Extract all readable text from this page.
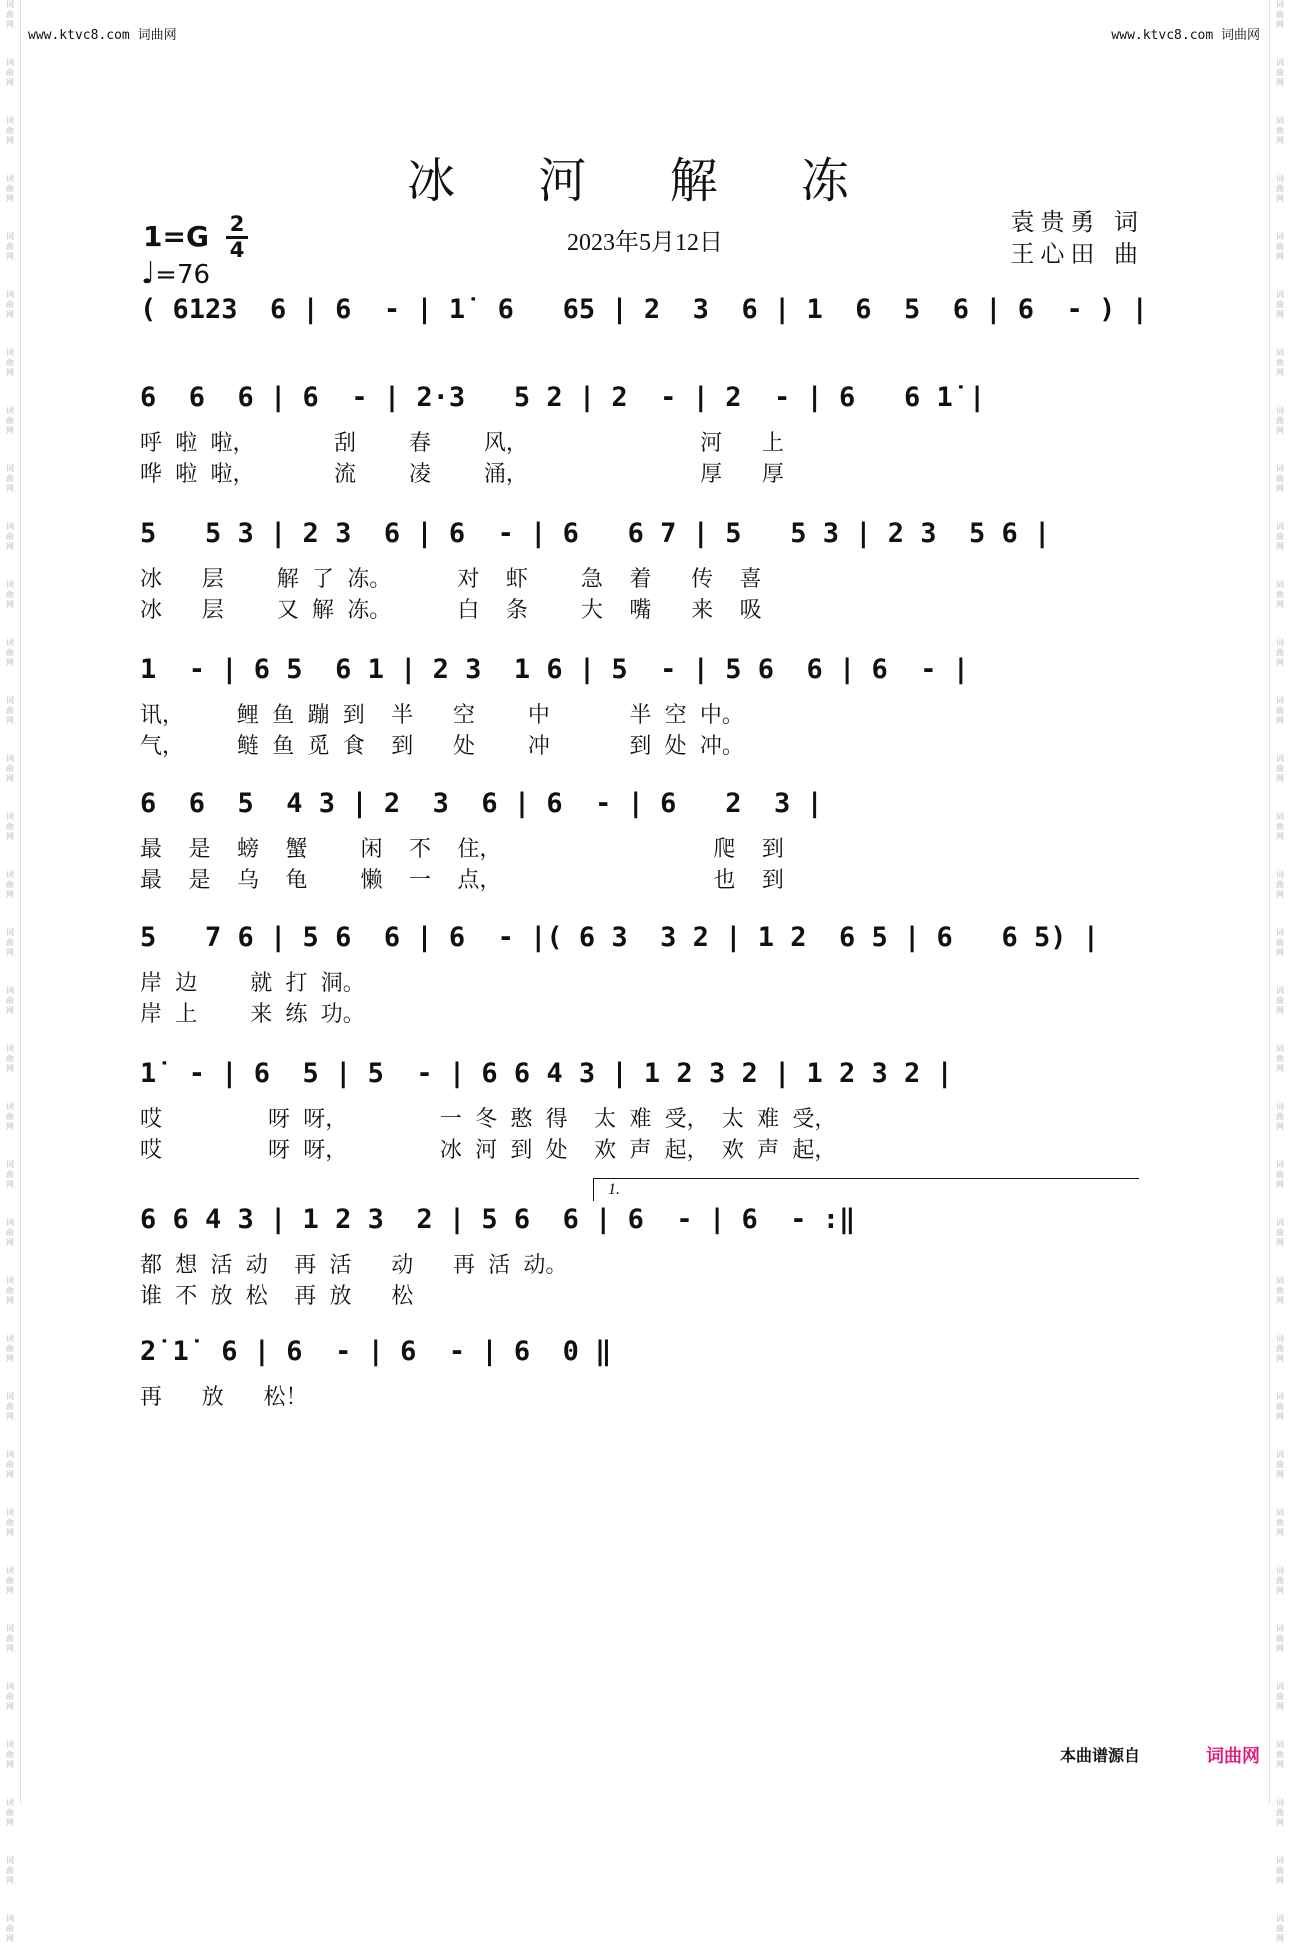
词曲网
词曲网
词曲网
词曲网
词曲网
词曲网
词曲网
词曲网
词曲网
词曲网
词曲网
词曲网
词曲网
词曲网
词曲网
词曲网
词曲网
词曲网
词曲网
词曲网
词曲网
词曲网
词曲网
词曲网
词曲网
词曲网
词曲网
词曲网
词曲网
词曲网
词曲网
词曲网
词曲网
词曲网
词曲网
词曲网
词曲网
词曲网
词曲网
词曲网
词曲网
词曲网
词曲网
词曲网
词曲网
词曲网
词曲网
词曲网
词曲网
词曲网
词曲网
词曲网
词曲网
词曲网
词曲网
词曲网
词曲网
词曲网
词曲网
词曲网
词曲网
词曲网
词曲网
词曲网
词曲网
词曲网
词曲网
词曲网
www.ktvc8.com 词曲网	www.ktvc8.com 词曲网
冰 河 解 冻
$1=G \frac{2}{4}$
♩=76
2023年5月12日
袁贵勇 词
王心田 曲
( 6123  6 | 6  - | 1̇  6   65 | 2  3  6 | 1  6  5  6 | 6  - ) |
6  6  6 | 6  - | 2·3   5 2 | 2  - | 2  - | 6   6 1̇ |
呼 啦 啦，      刮    春    风，             河   上
哗 啦 啦，      流    凌    涌，             厚   厚
5   5 3 | 2 3  6 | 6  - | 6   6 7 | 5   5 3 | 2 3  5 6 |
冰   层    解 了 冻。     对  虾    急  着   传  喜
冰   层    又 解 冻。     白  条    大  嘴   来  吸
1  - | 6 5  6 1 | 2 3  1 6 | 5  - | 5 6  6 | 6  - |
讯，    鲤 鱼 蹦 到  半   空    中      半 空 中。
气，    鲢 鱼 觅 食  到   处    冲      到 处 冲。
6  6  5  4 3 | 2  3  6 | 6  - | 6   2  3 |
最  是  螃  蟹    闲  不  住，                爬  到
最  是  乌  龟    懒  一  点，                也  到
5   7 6 | 5 6  6 | 6  - |( 6 3  3 2 | 1 2  6 5 | 6   6 5) |
岸 边    就 打 洞。
岸 上    来 练 功。
1̇  - | 6  5 | 5  - | 6 6 4 3 | 1 2 3 2 | 1 2 3 2 |
哎        呀 呀，       一 冬 憨 得  太 难 受， 太 难 受，
哎        呀 呀，       冰 河 到 处  欢 声 起， 欢 声 起，
1.
6 6 4 3 | 1 2 3  2 | 5 6  6 | 6  - | 6  - :‖
都 想 活 动  再 活   动   再 活 动。
谁 不 放 松  再 放   松
2̇ 1̇  6 | 6  - | 6  - | 6  0 ‖
再   放   松！
本曲谱源自	词曲网
